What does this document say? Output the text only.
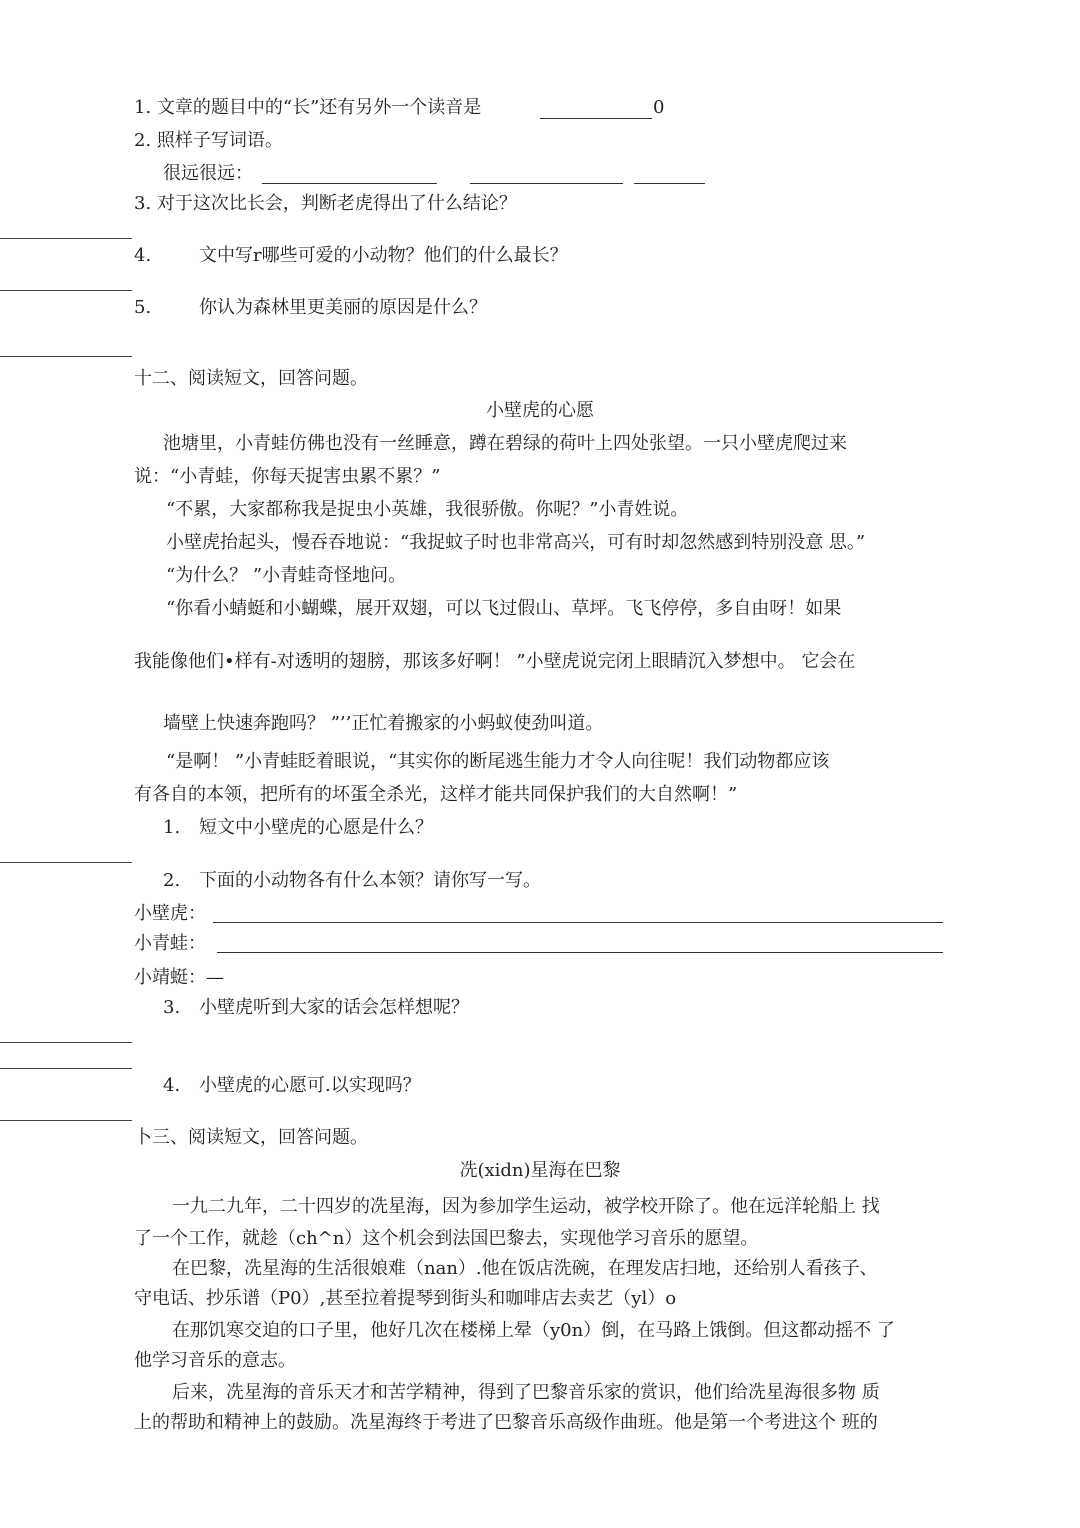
1. 文章的题目中的“长”还有另外一个读音是	0
2. 照样子写词语。
很远很远：
3. 对于这次比长会，判断老虎得出了什么结论？
4.	文中写r哪些可爱的小动物？他们的什么最长？
5.	你认为森林里更美丽的原因是什么？
十二、阅读短文，回答问题。
小壁虎的心愿
池塘里，小青蛙仿佛也没有一丝睡意，蹲在碧绿的荷叶上四处张望。一只小壁虎爬过来
说：“小青蛙，你每天捉害虫累不累？”
“不累，大家都称我是捉虫小英雄，我很骄傲。你呢？”小青姓说。
小壁虎抬起头，慢吞吞地说：“我捉蚊子时也非常高兴，可有时却忽然感到特别没意 思。”
“为什么？ ”小青蛙奇怪地问。
“你看小蜻蜓和小蝴蝶，展开双翅，可以飞过假山、草坪。飞飞停停，多自由呀！如果
我能像他们•样有-对透明的翅膀，那该多好啊！ ”小壁虎说完闭上眼睛沉入梦想中。 它会在
墙壁上快速奔跑吗？ ”’’正忙着搬家的小蚂蚁使劲叫道。
“是啊！ ”小青蛙眨着眼说，“其实你的断尾逃生能力才令人向往呢！我们动物都应该
有各自的本领，把所有的坏蛋全杀光，这样才能共同保护我们的大自然啊！”
1. 短文中小壁虎的心愿是什么？
2. 下面的小动物各有什么本领？请你写一写。
小壁虎：
小青蛙：
小靖蜓：—
3. 小壁虎听到大家的话会怎样想呢？
4. 小壁虎的心愿可.以实现吗？
卜三、阅读短文，回答问题。
冼(xidn)星海在巴黎
一九二九年，二十四岁的冼星海，因为参加学生运动，被学校开除了。他在远洋轮船上 找
了一个工作，就趁（ch^n）这个机会到法国巴黎去，实现他学习音乐的愿望。
在巴黎，冼星海的生活很娘难（nan）.他在饭店洗碗，在理发店扫地，还给别人看孩子、
守电话、抄乐谱（P0）,甚至拉着提琴到街头和咖啡店去卖艺（yl）o
在那饥寒交迫的口子里，他好几次在楼梯上晕（y0n）倒，在马路上饿倒。但这都动摇不 了
他学习音乐的意志。
后来，冼星海的音乐天才和苦学精神，得到了巴黎音乐家的赏识，他们给冼星海很多物 质
上的帮助和精神上的鼓励。冼星海终于考进了巴黎音乐高级作曲班。他是第一个考进这个 班的
